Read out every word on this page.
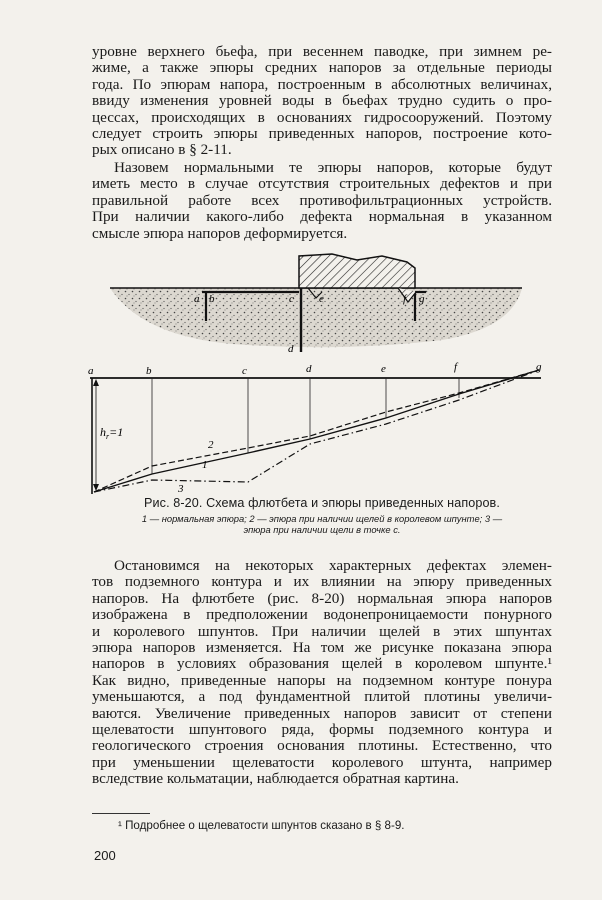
уровне верхнего бьефа, при весеннем паводке, при зимнем ре-
жиме, а также эпюры средних напоров за отдельные периоды
года. По эпюрам напора, построенным в абсолютных величинах,
ввиду изменения уровней воды в бьефах трудно судить о про-
цессах, происходящих в основаниях гидросооружений. Поэтому
следует строить эпюры приведенных напоров, построение кото-
рых описано в § 2-11.
Назовем нормальными те эпюры напоров, которые будут
иметь место в случае отсутствия строительных дефектов и при
правильной работе всех противофильтрационных устройств.
При наличии какого-либо дефекта нормальная в указанном
смысле эпюра напоров деформируется.
a b	c e	f g
d
a	b	c	d	e	f	g
$h_r=1$
2
1
3
Рис. 8-20. Схема флютбета и эпюры приведенных напоров.
1 — нормальная эпюра; 2 — эпюра при наличии щелей в королевом шпунте; 3 —
эпюра при наличии щели в точке c.
Остановимся на некоторых характерных дефектах элемен-
тов подземного контура и их влиянии на эпюру приведенных
напоров. На флютбете (рис. 8-20) нормальная эпюра напоров
изображена в предположении водонепроницаемости понурного
и королевого шпунтов. При наличии щелей в этих шпунтах
эпюра напоров изменяется. На том же рисунке показана эпюра
напоров в условиях образования щелей в королевом шпунте.¹
Как видно, приведенные напоры на подземном контуре понура
уменьшаются, а под фундаментной плитой плотины увеличи-
ваются. Увеличение приведенных напоров зависит от степени
щелеватости шпунтового ряда, формы подземного контура и
геологического строения основания плотины. Естественно, что
при уменьшении щелеватости королевого штунта, например
вследствие кольматации, наблюдается обратная картина.
¹ Подробнее о щелеватости шпунтов сказано в § 8-9.
200
